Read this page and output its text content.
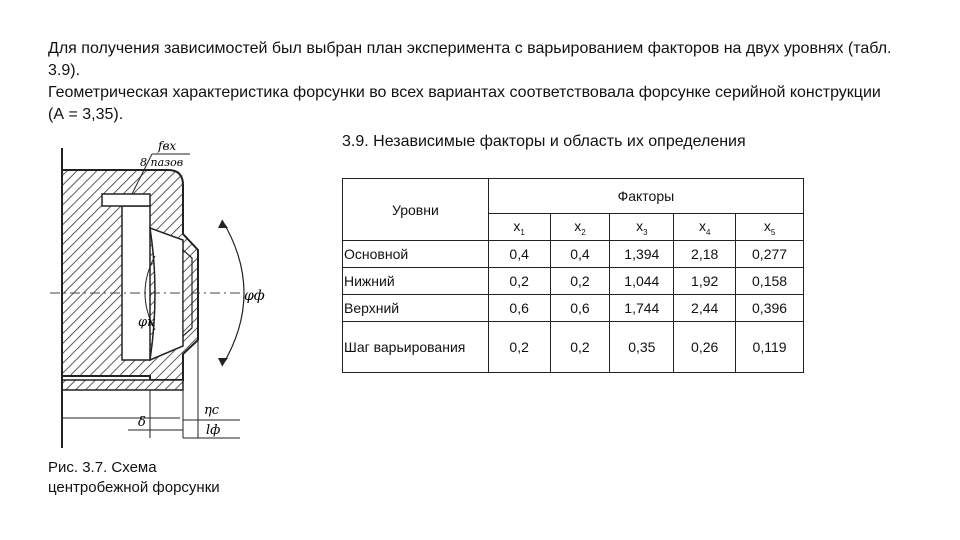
Для получения зависимостей был выбран план эксперимента с варьированием факторов на двух уровнях (табл. 3.9).

Геометрическая характеристика форсунки во всех вариантах соответствовала форсунке серийной конструкции (А = 3,35).

fвх
8 пазов
φф
φк
δ
ηс
lф
Рис. 3.7. Схема центробежной форсунки
3.9. Независимые факторы и область их определения
Уровни	Факторы				
	$x_1$	$x_2$	$x_3$	$x_4$	$x_5$
Основной	0,4	0,4	1,394	2,18	0,277
Нижний	0,2	0,2	1,044	1,92	0,158
Верхний	0,6	0,6	1,744	2,44	0,396
Шаг варьирования	0,2	0,2	0,35	0,26	0,119
